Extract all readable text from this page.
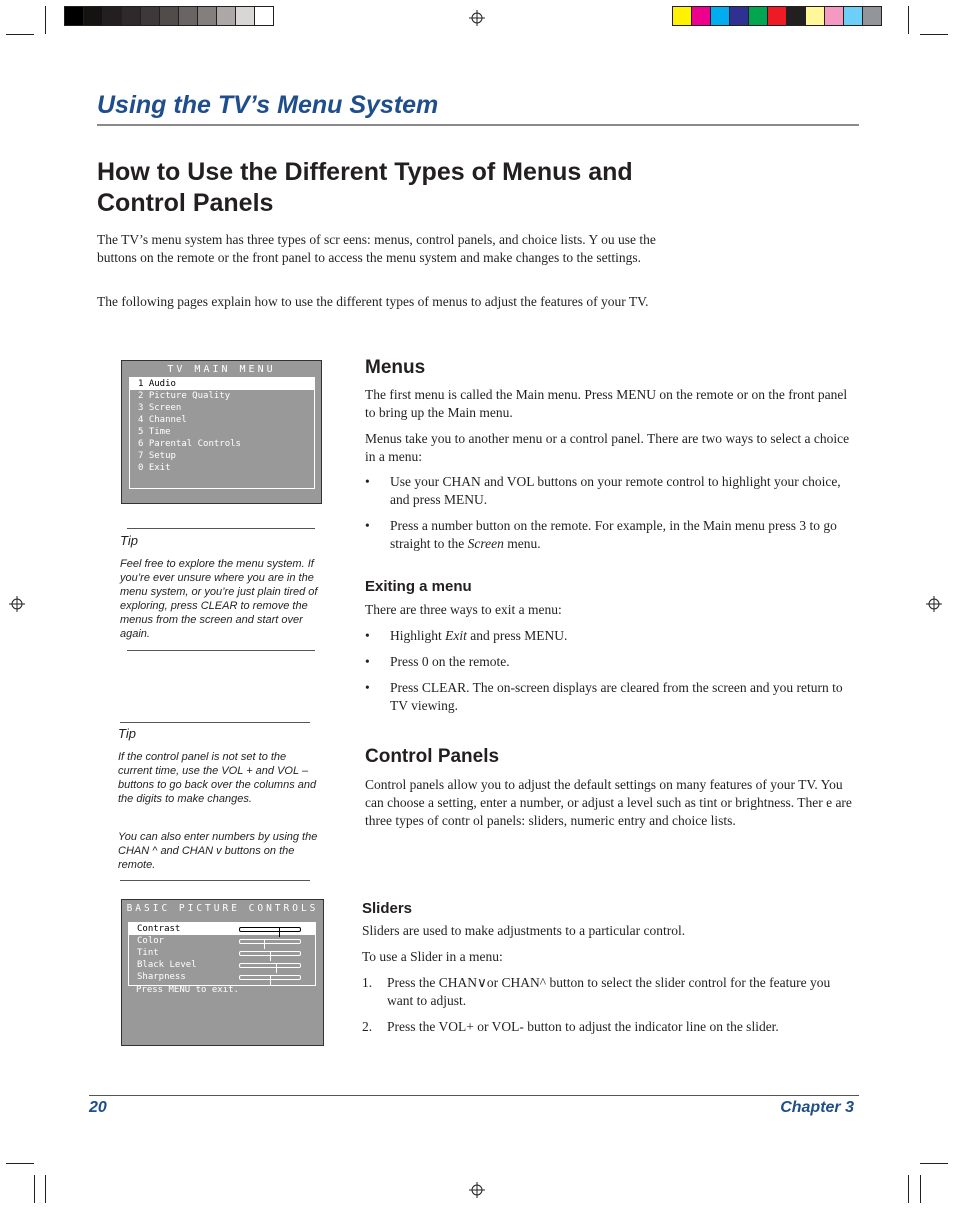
Using the TV’s Menu System
How to Use the Different Types of Menus and Control Panels
The TV’s menu system has three types of scr eens: menus, control panels, and choice lists. Y ou use the buttons on the remote or the front panel to access the menu system and make changes to the settings.
The following pages explain how to use the different types of menus to adjust the features of your TV.
TV MAIN MENU
1 Audio
2 Picture Quality
3 Screen
4 Channel
5 Time
6 Parental Controls
7 Setup
0 Exit
Tip
Feel free to explore the menu system. If you’re ever unsure where you are in the menu system, or you’re just plain tired of exploring, press CLEAR to remove the menus from the screen and start over again.
Tip
If the control panel is not set to the current time, use the VOL + and VOL – buttons to go back over the columns and the digits to make changes.
You can also enter numbers by using the CHAN ^ and CHAN v buttons on the remote.
BASIC PICTURE CONTROLS
Contrast
Color
Tint
Black Level
Sharpness
Press MENU to exit.
Menus
The first menu is called the Main menu. Press MENU on the remote or on the front panel to bring up the Main menu.
Menus take you to another menu or a control panel. There are two ways to select a choice in a menu:
• Use your CHAN and VOL buttons on your remote control to highlight your choice, and press MENU.
• Press a number button on the remote. For example, in the Main menu press 3 to go straight to the Screen menu.
Exiting a menu
There are three ways to exit a menu:
• Highlight Exit and press MENU.
• Press 0 on the remote.
• Press CLEAR. The on-screen displays are cleared from the screen and you return to TV viewing.
Control Panels
Control panels allow you to adjust the default settings on many features of your TV. You can choose a setting, enter a number, or adjust a level such as tint or brightness. Ther e are three types of contr ol panels: sliders, numeric entry and choice lists.
Sliders
Sliders are used to make adjustments to a particular control.
To use a Slider in a menu:
1. Press the CHAN∨or CHAN^ button to select the slider control for the feature you want to adjust.
2. Press the VOL+ or VOL- button to adjust the indicator line on the slider.
20	Chapter 3
